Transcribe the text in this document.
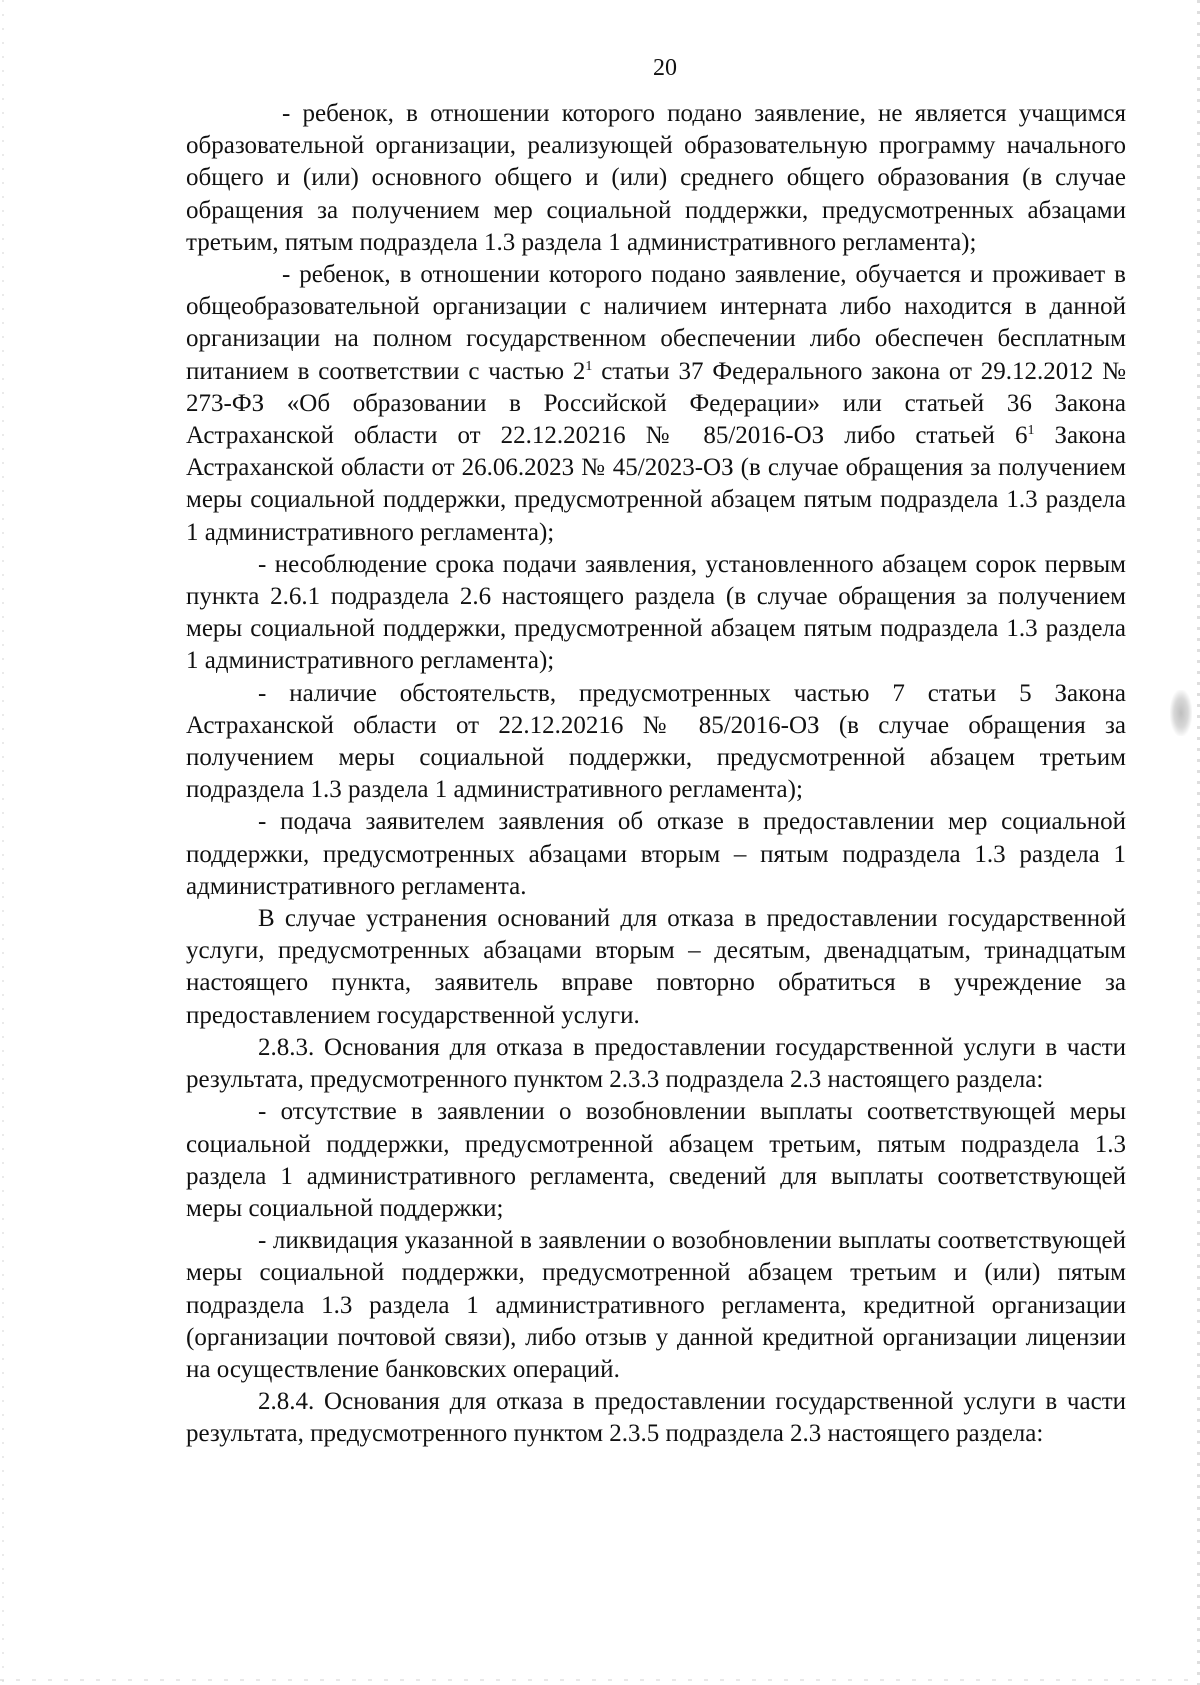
20

- ребенок, в отношении которого подано заявление, не является учащимся образовательной организации, реализующей образовательную программу начального общего и (или) основного общего и (или) среднего общего образования (в случае обращения за получением мер социальной поддержки, предусмотренных абзацами третьим, пятым подраздела 1.3 раздела 1 административного регламента);

- ребенок, в отношении которого подано заявление, обучается и проживает в общеобразовательной организации с наличием интерната либо находится в данной организации на полном государственном обеспечении либо обеспечен бесплатным питанием в соответствии с частью $2^1$ статьи 37 Федерального закона от 29.12.2012 № 273-ФЗ «Об образовании в Российской Федерации» или статьей 36 Закона Астраханской области от 22.12.20216 № 85/2016-ОЗ либо статьей $6^1$ Закона Астраханской области от 26.06.2023 № 45/2023-ОЗ (в случае обращения за получением меры социальной поддержки, предусмотренной абзацем пятым подраздела 1.3 раздела 1 административного регламента);

- несоблюдение срока подачи заявления, установленного абзацем сорок первым пункта 2.6.1 подраздела 2.6 настоящего раздела (в случае обращения за получением меры социальной поддержки, предусмотренной абзацем пятым подраздела 1.3 раздела 1 административного регламента);

- наличие обстоятельств, предусмотренных частью 7 статьи 5 Закона Астраханской области от 22.12.20216 № 85/2016-ОЗ (в случае обращения за получением меры социальной поддержки, предусмотренной абзацем третьим подраздела 1.3 раздела 1 административного регламента);

- подача заявителем заявления об отказе в предоставлении мер социальной поддержки, предусмотренных абзацами вторым – пятым подраздела 1.3 раздела 1 административного регламента.

В случае устранения оснований для отказа в предоставлении государственной услуги, предусмотренных абзацами вторым – десятым, двенадцатым, тринадцатым настоящего пункта, заявитель вправе повторно обратиться в учреждение за предоставлением государственной услуги.

2.8.3. Основания для отказа в предоставлении государственной услуги в части результата, предусмотренного пунктом 2.3.3 подраздела 2.3 настоящего раздела:

- отсутствие в заявлении о возобновлении выплаты соответствующей меры социальной поддержки, предусмотренной абзацем третьим, пятым подраздела 1.3 раздела 1 административного регламента, сведений для выплаты соответствующей меры социальной поддержки;

- ликвидация указанной в заявлении о возобновлении выплаты соответствующей меры социальной поддержки, предусмотренной абзацем третьим и (или) пятым подраздела 1.3 раздела 1 административного регламента, кредитной организации (организации почтовой связи), либо отзыв у данной кредитной организации лицензии на осуществление банковских операций.

2.8.4. Основания для отказа в предоставлении государственной услуги в части результата, предусмотренного пунктом 2.3.5 подраздела 2.3 настоящего раздела:
